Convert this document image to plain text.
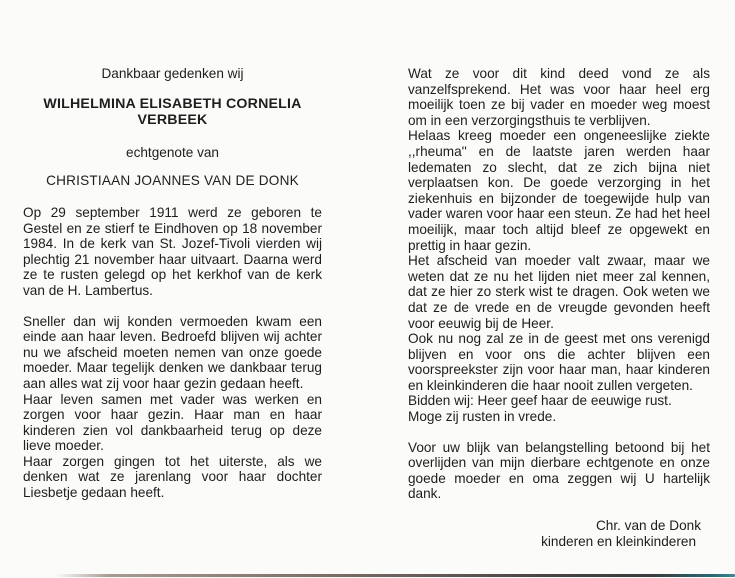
Dankbaar gedenken wij

WILHELMINA ELISABETH CORNELIA
VERBEEK

echtgenote van

CHRISTIAAN JOANNES VAN DE DONK

Op 29 september 1911 werd ze geboren te Gestel en ze stierf te Eindhoven op 18 november 1984. In de kerk van St. Jozef-Tivoli vierden wij plechtig 21 november haar uitvaart. Daarna werd ze te rusten gelegd op het kerkhof van de kerk van de H. Lambertus.

Sneller dan wij konden vermoeden kwam een einde aan haar leven. Bedroefd blijven wij achter nu we afscheid moeten nemen van onze goede moeder. Maar tegelijk denken we dankbaar terug aan alles wat zij voor haar gezin gedaan heeft.

Haar leven samen met vader was werken en zorgen voor haar gezin. Haar man en haar kinderen zien vol dankbaarheid terug op deze lieve moeder.

Haar zorgen gingen tot het uiterste, als we denken wat ze jarenlang voor haar dochter Liesbetje gedaan heeft.

Wat ze voor dit kind deed vond ze als vanzelfsprekend. Het was voor haar heel erg moeilijk toen ze bij vader en moeder weg moest om in een verzorgingsthuis te verblijven.

Helaas kreeg moeder een ongeneeslijke ziekte ,,rheuma'' en de laatste jaren werden haar ledematen zo slecht, dat ze zich bijna niet verplaatsen kon. De goede verzorging in het ziekenhuis en bijzonder de toegewijde hulp van vader waren voor haar een steun. Ze had het heel moeilijk, maar toch altijd bleef ze opgewekt en prettig in haar gezin.

Het afscheid van moeder valt zwaar, maar we weten dat ze nu het lijden niet meer zal kennen, dat ze hier zo sterk wist te dragen. Ook weten we dat ze de vrede en de vreugde gevonden heeft voor eeuwig bij de Heer.

Ook nu nog zal ze in de geest met ons verenigd blijven en voor ons die achter blijven een voorspreekster zijn voor haar man, haar kinderen en kleinkinderen die haar nooit zullen vergeten.

Bidden wij: Heer geef haar de eeuwige rust.

Moge zij rusten in vrede.

Voor uw blijk van belangstelling betoond bij het overlijden van mijn dierbare echtgenote en onze goede moeder en oma zeggen wij U hartelijk dank.

Chr. van de Donk

kinderen en kleinkinderen
